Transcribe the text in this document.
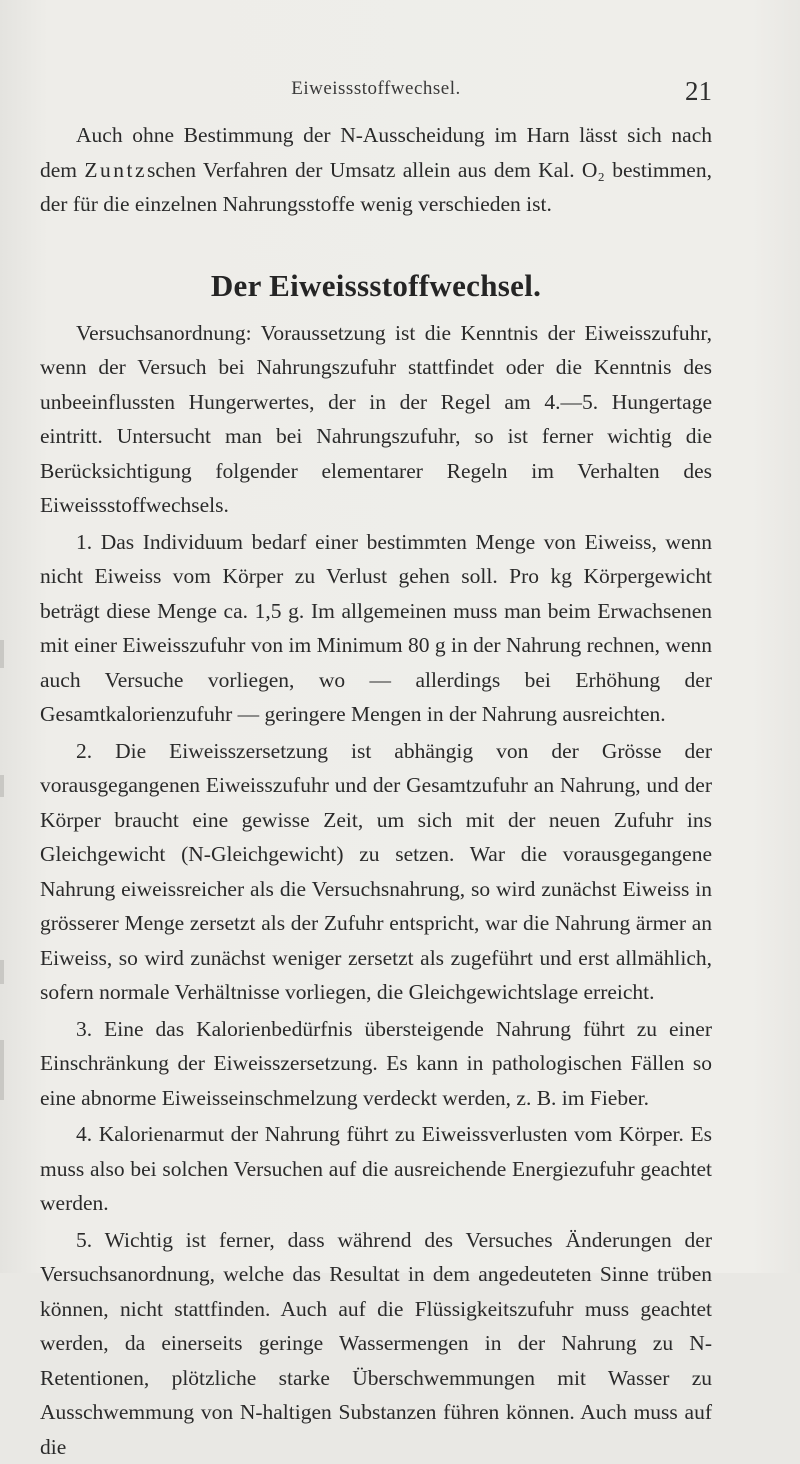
Eiweissstoffwechsel.	21

Auch ohne Bestimmung der N-Ausscheidung im Harn lässt sich nach dem Zuntzschen Verfahren der Umsatz allein aus dem Kal. O₂ bestimmen, der für die einzelnen Nahrungsstoffe wenig verschieden ist.

Der Eiweissstoffwechsel.

Versuchsanordnung: Voraussetzung ist die Kenntnis der Eiweisszufuhr, wenn der Versuch bei Nahrungszufuhr stattfindet oder die Kenntnis des unbeeinflussten Hungerwertes, der in der Regel am 4.—5. Hungertage eintritt. Untersucht man bei Nahrungszufuhr, so ist ferner wichtig die Berücksichtigung folgender elementarer Regeln im Verhalten des Eiweissstoffwechsels.

1. Das Individuum bedarf einer bestimmten Menge von Eiweiss, wenn nicht Eiweiss vom Körper zu Verlust gehen soll. Pro kg Körpergewicht beträgt diese Menge ca. 1,5 g. Im allgemeinen muss man beim Erwachsenen mit einer Eiweisszufuhr von im Minimum 80 g in der Nahrung rechnen, wenn auch Versuche vorliegen, wo — allerdings bei Erhöhung der Gesamtkalorienzufuhr — geringere Mengen in der Nahrung ausreichten.

2. Die Eiweisszersetzung ist abhängig von der Grösse der vorausgegangenen Eiweisszufuhr und der Gesamtzufuhr an Nahrung, und der Körper braucht eine gewisse Zeit, um sich mit der neuen Zufuhr ins Gleichgewicht (N-Gleichgewicht) zu setzen. War die vorausgegangene Nahrung eiweissreicher als die Versuchsnahrung, so wird zunächst Eiweiss in grösserer Menge zersetzt als der Zufuhr entspricht, war die Nahrung ärmer an Eiweiss, so wird zunächst weniger zersetzt als zugeführt und erst allmählich, sofern normale Verhältnisse vorliegen, die Gleichgewichtslage erreicht.

3. Eine das Kalorienbedürfnis übersteigende Nahrung führt zu einer Einschränkung der Eiweisszersetzung. Es kann in pathologischen Fällen so eine abnorme Eiweisseinschmelzung verdeckt werden, z. B. im Fieber.

4. Kalorienarmut der Nahrung führt zu Eiweissverlusten vom Körper. Es muss also bei solchen Versuchen auf die ausreichende Energiezufuhr geachtet werden.

5. Wichtig ist ferner, dass während des Versuches Änderungen der Versuchsanordnung, welche das Resultat in dem angedeuteten Sinne trüben können, nicht stattfinden. Auch auf die Flüssigkeitszufuhr muss geachtet werden, da einerseits geringe Wassermengen in der Nahrung zu N-Retentionen, plötzliche starke Überschwemmungen mit Wasser zu Ausschwemmung von N-haltigen Substanzen führen können. Auch muss auf die
